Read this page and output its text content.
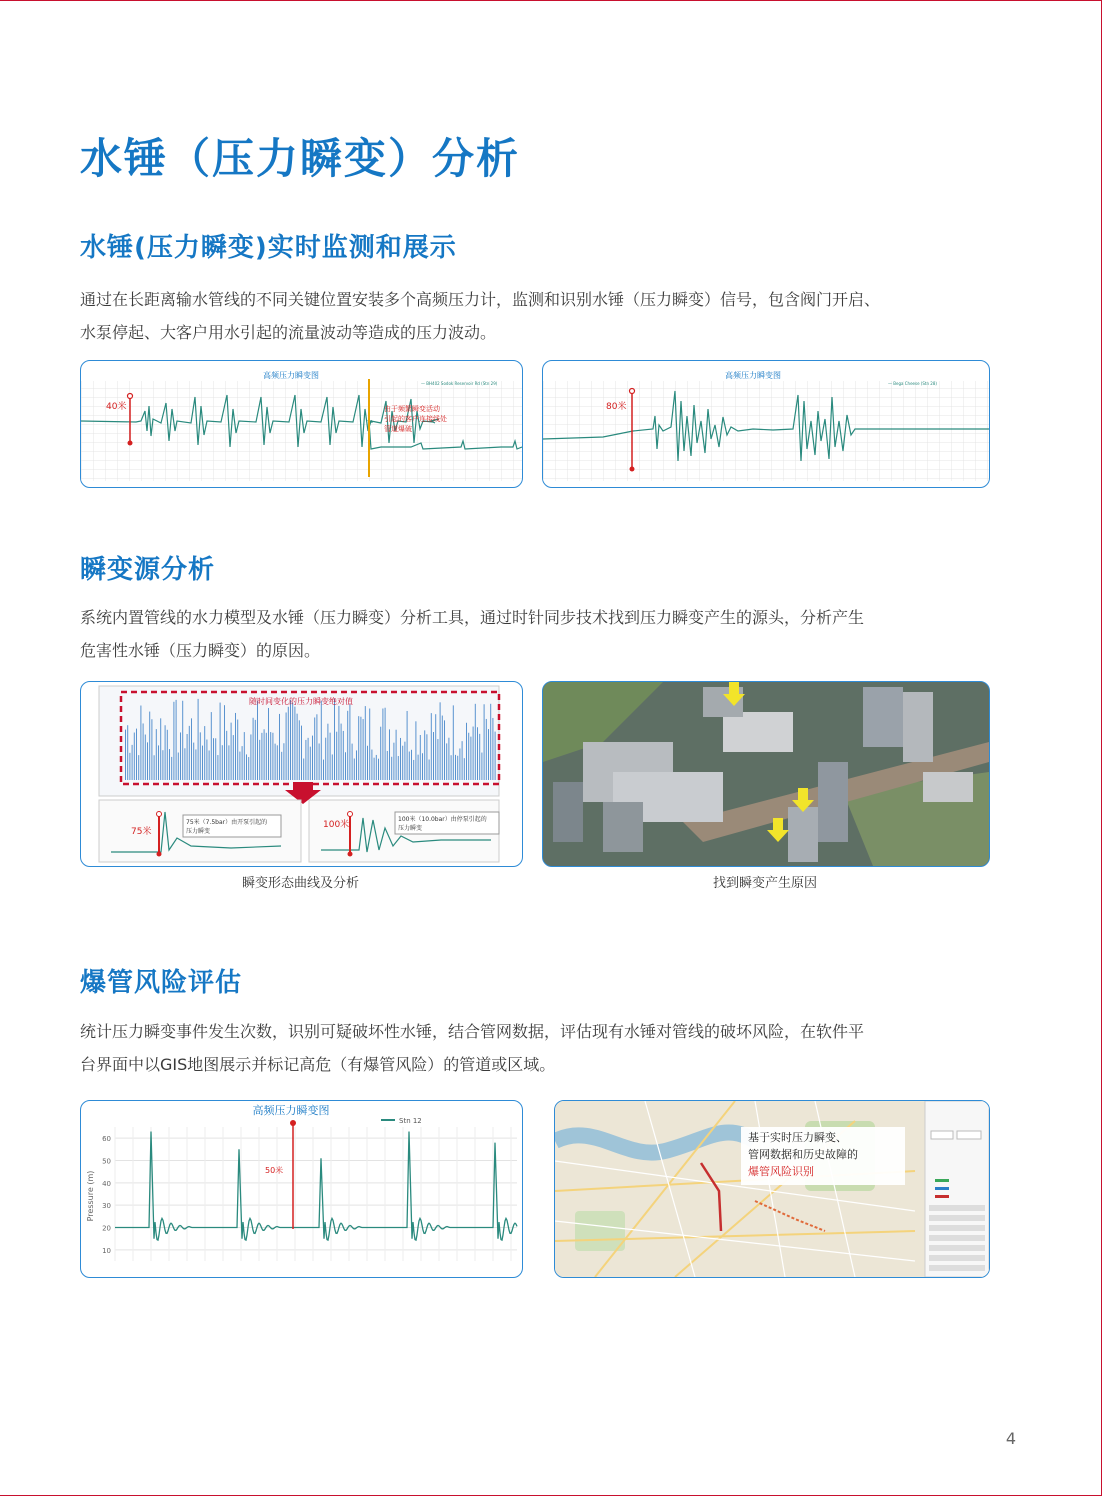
水锤（压力瞬变）分析
水锤(压力瞬变)实时监测和展示

通过在长距离输水管线的不同关键位置安装多个高频压力计，监测和识别水锤（压力瞬变）信号，包含阀门开启、
水泵停起、大客户用水引起的流量波动等造成的压力波动。

高频压力瞬变图
— BH402 Sodok Reservoir Rd (Stn 29)
40米	由于频繁瞬变活动
引起的客户连接线处
管道爆破
高频压力瞬变图
— Bega Cheese (Stn 28)
80米
瞬变源分析

系统内置管线的水力模型及水锤（压力瞬变）分析工具，通过时针同步技术找到压力瞬变产生的源头，分析产生
危害性水锤（压力瞬变）的原因。

随时间变化的压力瞬变绝对值
75米
75米（7.5bar）由开泵引起的
压力瞬变
100米
100米（10.0bar）由停泵引起的
压力瞬变
瞬变形态曲线及分析	找到瞬变产生原因
爆管风险评估

统计压力瞬变事件发生次数，识别可疑破坏性水锤，结合管网数据，评估现有水锤对管线的破坏风险，在软件平
台界面中以GIS地图展示并标记高危（有爆管风险）的管道或区域。

高频压力瞬变图
Stn 12
Pressure (m)
10
20
30
40
50
60
50米
基于实时压力瞬变、
管网数据和历史故障的
爆管风险识别
4
